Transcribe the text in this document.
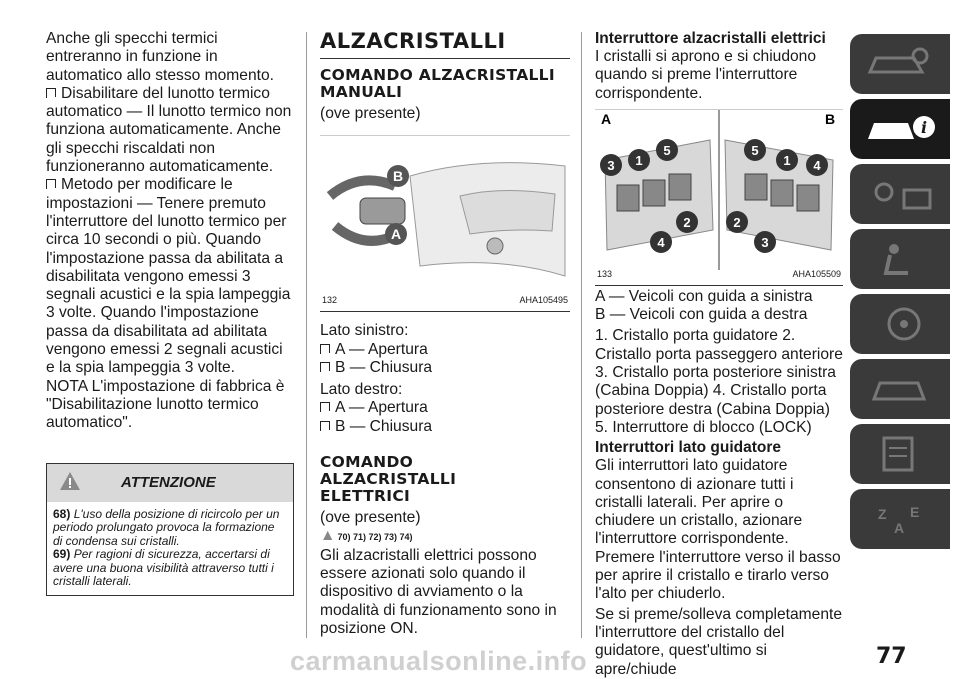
Anche gli specchi termici entreranno in funzione in automatico allo stesso momento.

Disabilitare del lunotto termico automatico — Il lunotto termico non funziona automaticamente. Anche gli specchi riscaldati non funzioneranno automaticamente.

Metodo per modificare le impostazioni — Tenere premuto l'interruttore del lunotto termico per circa 10 secondi o più. Quando l'impostazione passa da abilitata a disabilitata vengono emessi 3 segnali acustici e la spia lampeggia 3 volte. Quando l'impostazione passa da disabilitata ad abilitata vengono emessi 2 segnali acustici e la spia lampeggia 3 volte.

NOTA L'impostazione di fabbrica è "Disabilitazione lunotto termico automatico".

ATTENZIONE

68) L'uso della posizione di ricircolo per un periodo prolungato provoca la formazione di condensa sui cristalli.

69) Per ragioni di sicurezza, accertarsi di avere una buona visibilità attraverso tutti i cristalli laterali.

ALZACRISTALLI
COMANDO ALZACRISTALLI MANUALI

(ove presente)

B
A
132	AHA105495

Lato sinistro:

A — Apertura

B — Chiusura

Lato destro:

A — Apertura

B — Chiusura

COMANDO ALZACRISTALLI ELETTRICI

(ove presente)

▲ 70) 71) 72) 73) 74)

Gli alzacristalli elettrici possono essere azionati solo quando il dispositivo di avviamento o la modalità di funzionamento sono in posizione ON.

Interruttore alzacristalli elettrici

I cristalli si aprono e si chiudono quando si preme l'interruttore corrispondente.

A	B
3 1
5
2
4
5
1 4
2
3
133	AHA105509

A — Veicoli con guida a sinistra

B — Veicoli con guida a destra

1. Cristallo porta guidatore 2. Cristallo porta passeggero anteriore 3. Cristallo porta posteriore sinistra (Cabina Doppia) 4. Cristallo porta posteriore destra (Cabina Doppia) 5. Interruttore di blocco (LOCK)

Interruttori lato guidatore

Gli interruttori lato guidatore consentono di azionare tutti i cristalli laterali. Per aprire o chiudere un cristallo, azionare l'interruttore corrispondente. Premere l'interruttore verso il basso per aprire il cristallo e tirarlo verso l'alto per chiuderlo.

Se si preme/solleva completamente l'interruttore del cristallo del guidatore, quest'ultimo si apre/chiude

i
Z E
A
77
carmanualsonline.info
